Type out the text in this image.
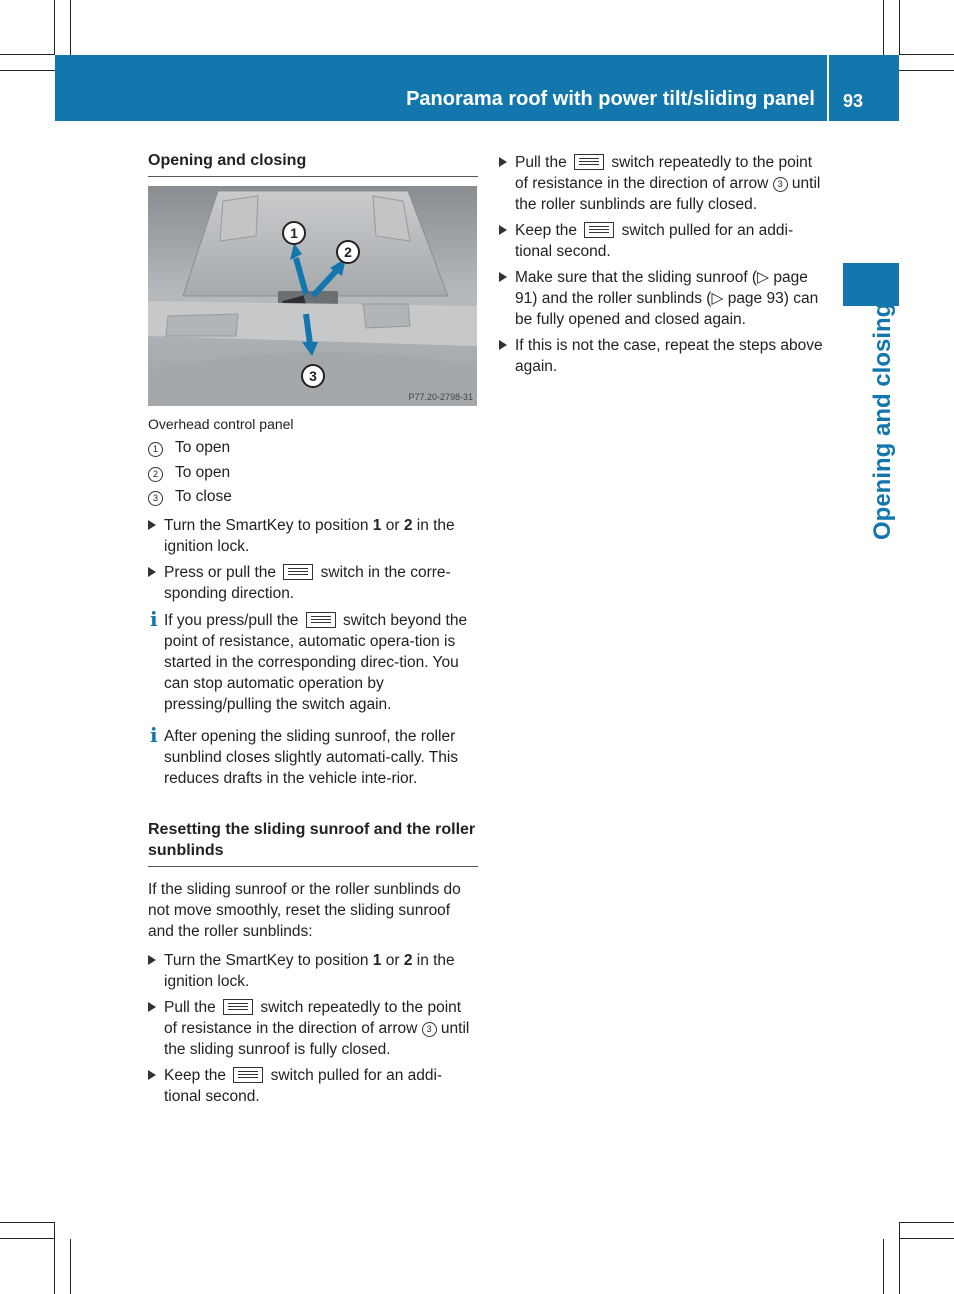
Panorama roof with power tilt/sliding panel	93
Opening and closing
Opening and closing
1
2
3
P77.20-2798-31
Overhead control panel
1	To open
2	To open
3	To close
Turn the SmartKey to position 1 or 2 in the ignition lock.
Press or pull the
switch in the corre-sponding direction.
i If you press/pull the
switch beyond the point of resistance, automatic opera-tion is started in the corresponding direc-tion. You can stop automatic operation by pressing/pulling the switch again.
i After opening the sliding sunroof, the roller sunblind closes slightly automati-cally. This reduces drafts in the vehicle inte-rior.
Resetting the sliding sunroof and the roller sunblinds
If the sliding sunroof or the roller sunblinds do not move smoothly, reset the sliding sunroof and the roller sunblinds:
Turn the SmartKey to position 1 or 2 in the ignition lock.
Pull the
switch repeatedly to the point of resistance in the direction of arrow 3 until the sliding sunroof is fully closed.
Keep the
switch pulled for an addi-tional second.
Pull the
switch repeatedly to the point of resistance in the direction of arrow 3 until the roller sunblinds are fully closed.
Keep the
switch pulled for an addi-tional second.
Make sure that the sliding sunroof (▷ page 91) and the roller sunblinds (▷ page 93) can be fully opened and closed again.
If this is not the case, repeat the steps above again.
